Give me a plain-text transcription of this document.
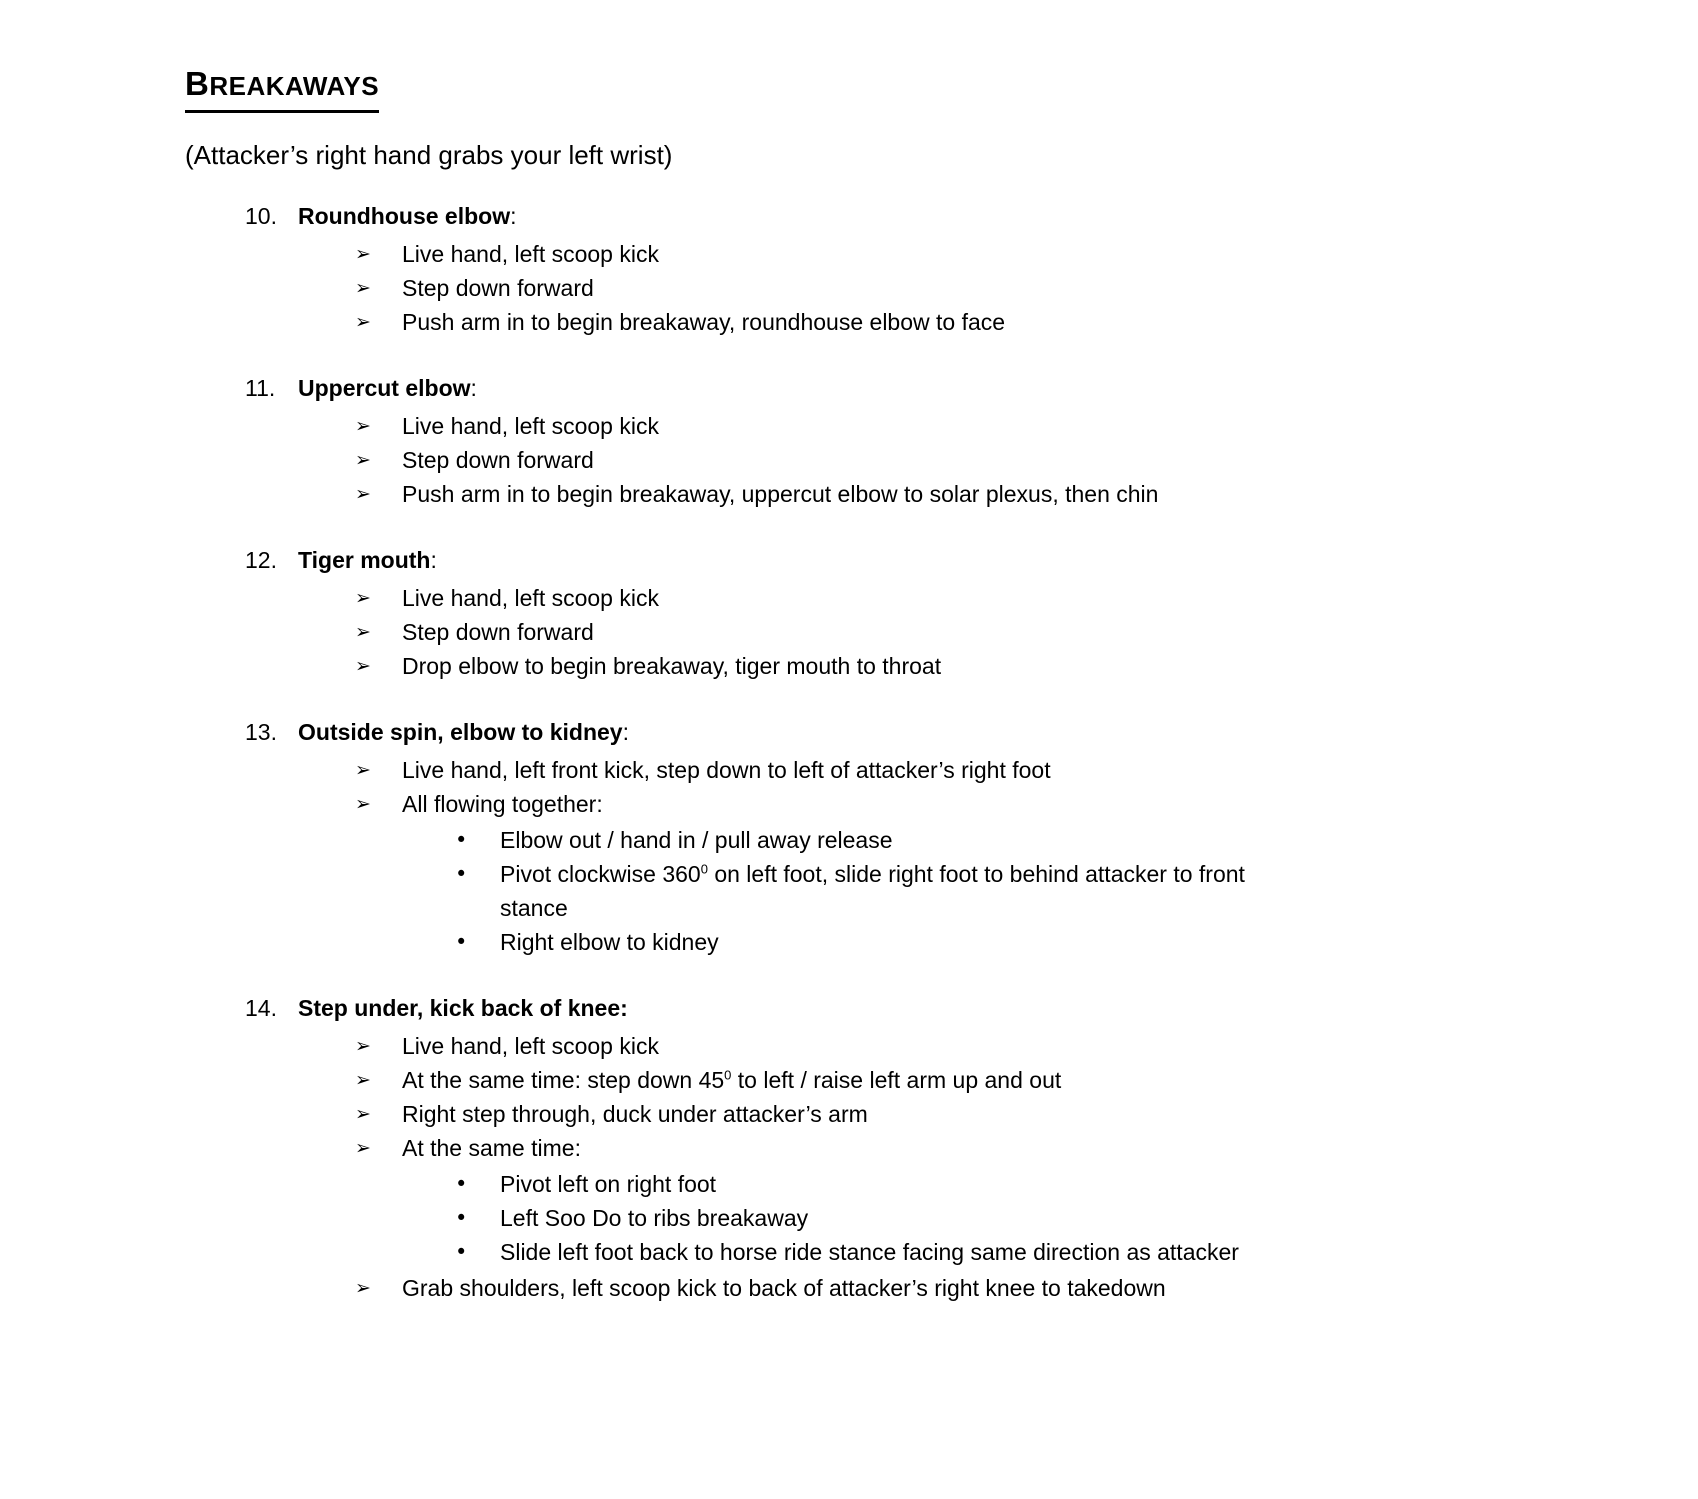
BREAKAWAYS
(Attacker’s right hand grabs your left wrist)
10. Roundhouse elbow:
➢	Live hand, left scoop kick
➢	Step down forward
➢	Push arm in to begin breakaway, roundhouse elbow to face
11. Uppercut elbow:
➢	Live hand, left scoop kick
➢	Step down forward
➢	Push arm in to begin breakaway, uppercut elbow to solar plexus, then chin
12. Tiger mouth:
➢	Live hand, left scoop kick
➢	Step down forward
➢	Drop elbow to begin breakaway, tiger mouth to throat
13. Outside spin, elbow to kidney:
➢	Live hand, left front kick, step down to left of attacker’s right foot
➢	All flowing together:
•	Elbow out / hand in / pull away release
•	Pivot clockwise $360^0$ on left foot, slide right foot to behind attacker to front
stance
•	Right elbow to kidney
14. Step under, kick back of knee:
➢	Live hand, left scoop kick
➢	At the same time: step down $45^0$ to left / raise left arm up and out
➢	Right step through, duck under attacker’s arm
➢	At the same time:
•	Pivot left on right foot
•	Left Soo Do to ribs breakaway
•	Slide left foot back to horse ride stance facing same direction as attacker
➢	Grab shoulders, left scoop kick to back of attacker’s right knee to takedown
